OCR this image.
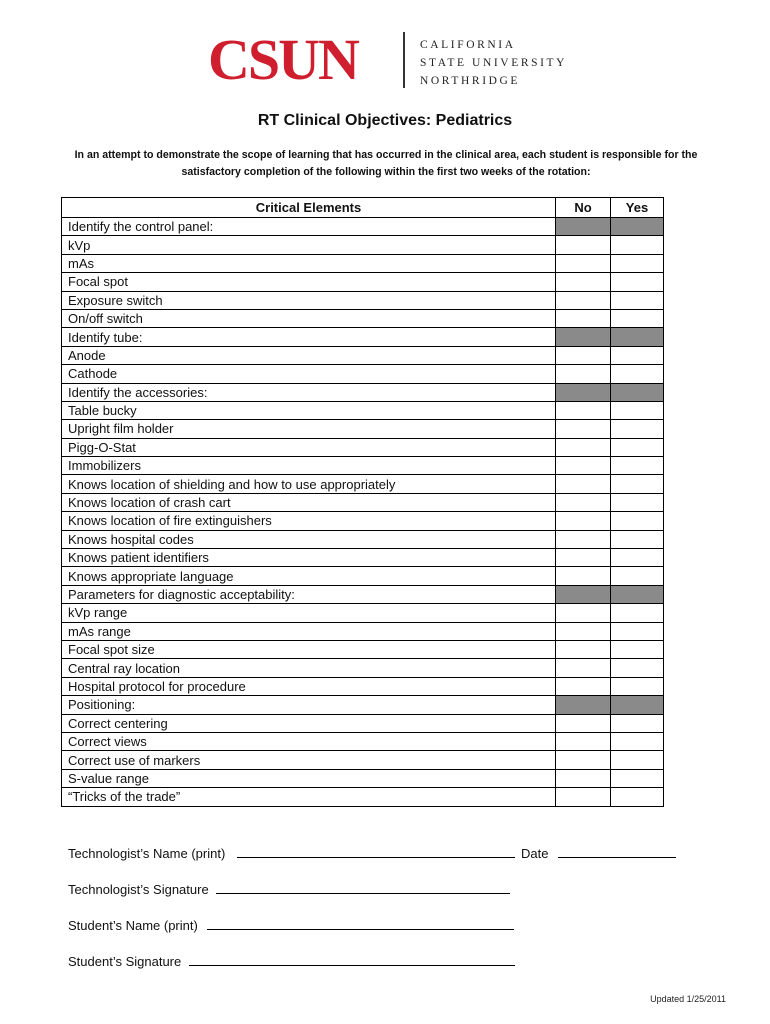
CSUN	CALIFORNIA
STATE UNIVERSITY
NORTHRIDGE
RT Clinical Objectives: Pediatrics
In an attempt to demonstrate the scope of learning that has occurred in the clinical area, each student is responsible for the satisfactory completion of the following within the first two weeks of the rotation:
Critical Elements	No	Yes
Identify the control panel:		
kVp		
mAs		
Focal spot		
Exposure switch		
On/off switch		
Identify tube:		
Anode		
Cathode		
Identify the accessories:		
Table bucky		
Upright film holder		
Pigg-O-Stat		
Immobilizers		
Knows location of shielding and how to use appropriately		
Knows location of crash cart		
Knows location of fire extinguishers		
Knows hospital codes		
Knows patient identifiers		
Knows appropriate language		
Parameters for diagnostic acceptability:		
kVp range		
mAs range		
Focal spot size		
Central ray location		
Hospital protocol for procedure		
Positioning:		
Correct centering		
Correct views		
Correct use of markers		
S-value range		
“Tricks of the trade”		
Technologist’s Name (print)	Date
Technologist’s Signature
Student’s Name (print)
Student’s Signature
Updated 1/25/2011
